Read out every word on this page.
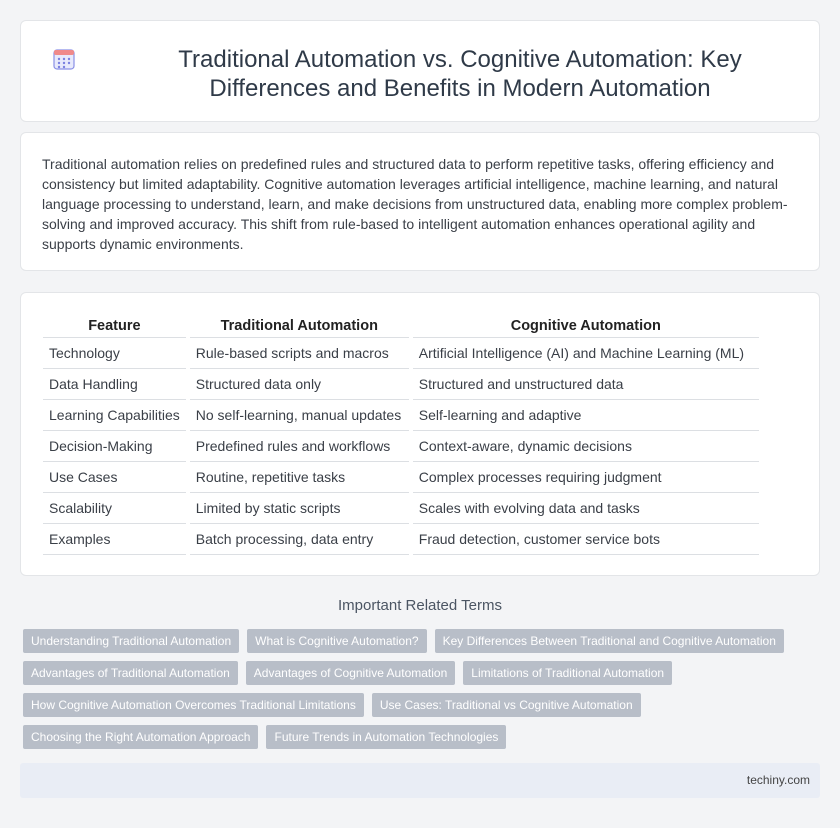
Traditional Automation vs. Cognitive Automation: Key Differences and Benefits in Modern Automation

Traditional automation relies on predefined rules and structured data to perform repetitive tasks, offering efficiency and consistency but limited adaptability. Cognitive automation leverages artificial intelligence, machine learning, and natural language processing to understand, learn, and make decisions from unstructured data, enabling more complex problem-solving and improved accuracy. This shift from rule-based to intelligent automation enhances operational agility and supports dynamic environments.

Feature		Traditional Automation		Cognitive Automation
Technology		Rule-based scripts and macros		Artificial Intelligence (AI) and Machine Learning (ML)
Data Handling		Structured data only		Structured and unstructured data
Learning Capabilities		No self-learning, manual updates		Self-learning and adaptive
Decision-Making		Predefined rules and workflows		Context-aware, dynamic decisions
Use Cases		Routine, repetitive tasks		Complex processes requiring judgment
Scalability		Limited by static scripts		Scales with evolving data and tasks
Examples		Batch processing, data entry		Fraud detection, customer service bots
Important Related Terms
Understanding Traditional Automation	What is Cognitive Automation?	Key Differences Between Traditional and Cognitive Automation
Advantages of Traditional Automation	Advantages of Cognitive Automation	Limitations of Traditional Automation
How Cognitive Automation Overcomes Traditional Limitations	Use Cases: Traditional vs Cognitive Automation
Choosing the Right Automation Approach	Future Trends in Automation Technologies
techiny.com
